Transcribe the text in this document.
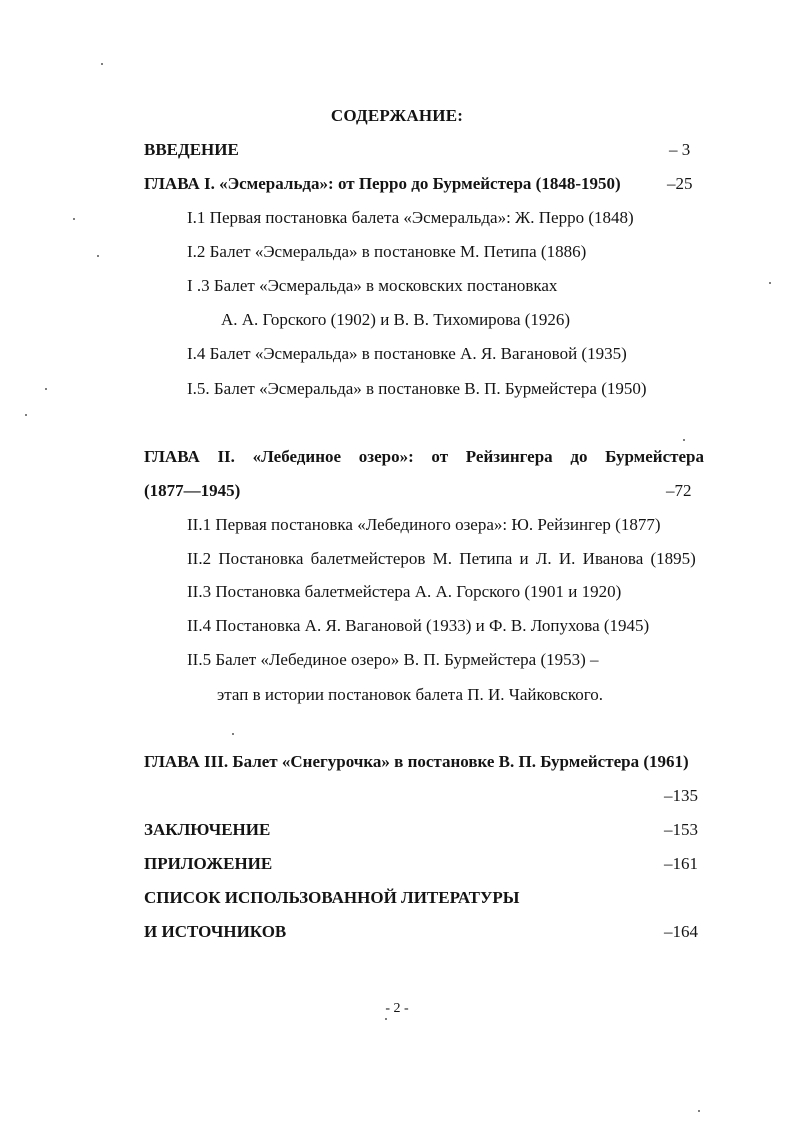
СОДЕРЖАНИЕ:
ВВЕДЕНИЕ	– 3
ГЛАВА I. «Эсмеральда»: от Перро до Бурмейстера (1848-1950)	–25
I.1 Первая постановка балета «Эсмеральда»: Ж. Перро (1848)
I.2 Балет «Эсмеральда» в постановке М. Петипа (1886)
I .3 Балет «Эсмеральда» в московских постановках
А. А. Горского (1902) и В. В. Тихомирова (1926)
I.4 Балет «Эсмеральда» в постановке А. Я. Вагановой (1935)
I.5. Балет «Эсмеральда» в постановке В. П. Бурмейстера (1950)
ГЛАВА II. «Лебединое озеро»: от Рейзингера до Бурмейстера
(1877—1945)	–72
II.1 Первая постановка «Лебединого озера»: Ю. Рейзингер (1877)
II.2 Постановка балетмейстеров М. Петипа и Л. И. Иванова (1895)
II.3 Постановка балетмейстера А. А. Горского (1901 и 1920)
II.4 Постановка А. Я. Вагановой (1933) и Ф. В. Лопухова (1945)
II.5 Балет «Лебединое озеро» В. П. Бурмейстера (1953) –
этап в истории постановок балета П. И. Чайковского.
ГЛАВА III. Балет «Снегурочка» в постановке В. П. Бурмейстера (1961)
–135
ЗАКЛЮЧЕНИЕ	–153
ПРИЛОЖЕНИЕ	–161
СПИСОК ИСПОЛЬЗОВАННОЙ ЛИТЕРАТУРЫ
И ИСТОЧНИКОВ	–164
- 2 -
